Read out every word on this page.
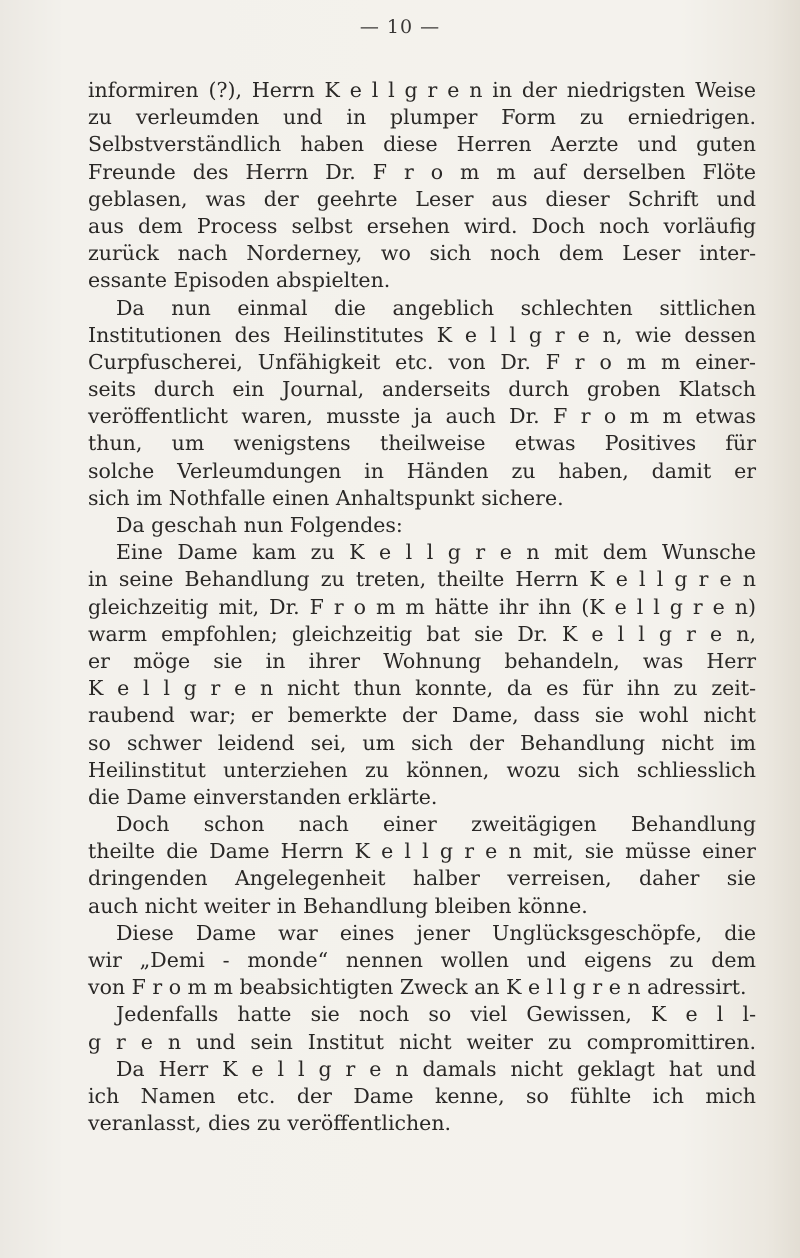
— 10 —
informiren (?), Herrn K e l l g r e n in der niedrigsten Weise
zu verleumden und in plumper Form zu erniedrigen.
Selbstverständlich haben diese Herren Aerzte und guten
Freunde des Herrn Dr. F r o m m auf derselben Flöte
geblasen, was der geehrte Leser aus dieser Schrift und
aus dem Process selbst ersehen wird. Doch noch vorläufig
zurück nach Norderney, wo sich noch dem Leser inter-
essante Episoden abspielten.
Da nun einmal die angeblich schlechten sittlichen
Institutionen des Heilinstitutes K e l l g r e n, wie dessen
Curpfuscherei, Unfähigkeit etc. von Dr. F r o m m einer-
seits durch ein Journal, anderseits durch groben Klatsch
veröffentlicht waren, musste ja auch Dr. F r o m m etwas
thun, um wenigstens theilweise etwas Positives für
solche Verleumdungen in Händen zu haben, damit er
sich im Nothfalle einen Anhaltspunkt sichere.
Da geschah nun Folgendes:
Eine Dame kam zu K e l l g r e n mit dem Wunsche
in seine Behandlung zu treten, theilte Herrn K e l l g r e n
gleichzeitig mit, Dr. F r o m m hätte ihr ihn (K e l l g r e n)
warm empfohlen; gleichzeitig bat sie Dr. K e l l g r e n,
er möge sie in ihrer Wohnung behandeln, was Herr
K e l l g r e n nicht thun konnte, da es für ihn zu zeit-
raubend war; er bemerkte der Dame, dass sie wohl nicht
so schwer leidend sei, um sich der Behandlung nicht im
Heilinstitut unterziehen zu können, wozu sich schliesslich
die Dame einverstanden erklärte.
Doch schon nach einer zweitägigen Behandlung
theilte die Dame Herrn K e l l g r e n mit, sie müsse einer
dringenden Angelegenheit halber verreisen, daher sie
auch nicht weiter in Behandlung bleiben könne.
Diese Dame war eines jener Unglücksgeschöpfe, die
wir „Demi - monde“ nennen wollen und eigens zu dem
von F r o m m beabsichtigten Zweck an K e l l g r e n adressirt.
Jedenfalls hatte sie noch so viel Gewissen, K e l l-
g r e n und sein Institut nicht weiter zu compromittiren.
Da Herr K e l l g r e n damals nicht geklagt hat und
ich Namen etc. der Dame kenne, so fühlte ich mich
veranlasst, dies zu veröffentlichen.
